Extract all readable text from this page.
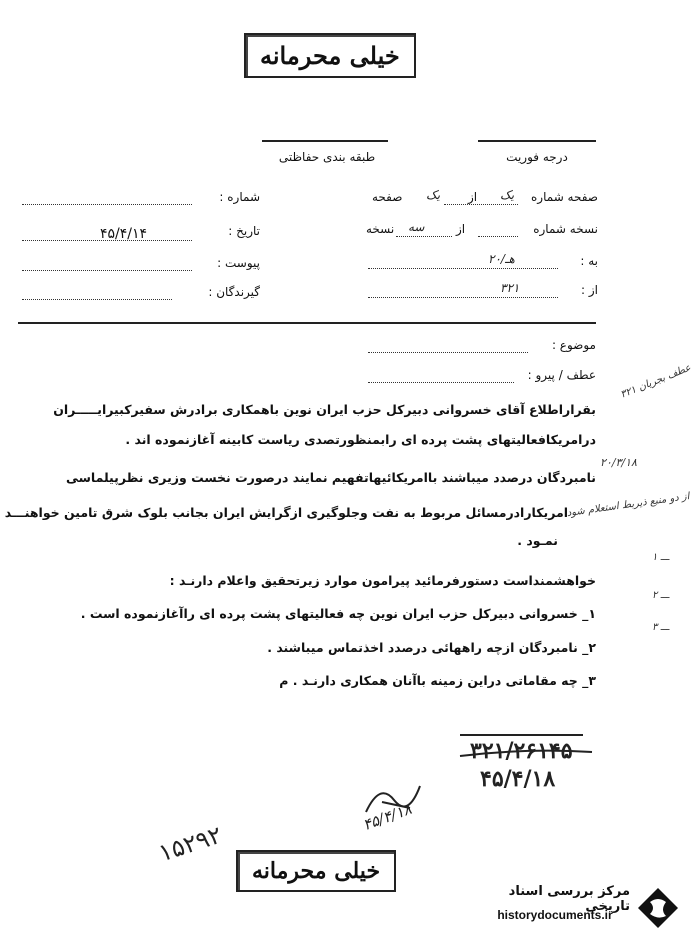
خیلی محرمانه
طبقه بندی حفاظتی	درجه فوریت
صفحه شماره
یک
از
یک
صفحه
نسخه شماره
از
سه
نسخه
به :
۲۰/هـ
از :
۳۲۱
شماره :
تاریخ :
۴۵/۴/۱۴
پیوست :
گیرندگان :
موضوع :
عطف / پیرو :
بقراراطلاع آقای خسروانی دبیرکل حزب ایران نوین باهمکاری برادرش سفیرکبیرایـــــران
درامریکافعالیتهای پشت پرده ای رابمنظورتصدی ریاست کابینه آغازنموده اند .
نامبردگان درصدد میباشند باامریکائیهاتفهیم نمایند درصورت نخست وزیری نظرپیلماسی
امریکارادرمسائل مربوط به نفت وجلوگیری ازگرایش ایران بجانب بلوک شرق تامین خواهنـــد
نمـود .
خواهشمنداست دستورفرمائید پیرامون موارد زیرتحقیق واعلام دارنـد :
۱_ خسروانی دبیرکل حزب ایران نوین چه فعالیتهای پشت پرده ای راآغازنموده است .
۲_ نامبردگان ازچه راههائی درصدد اخذتماس میباشند .
۳_ چه مقاماتی دراین زمینه باآنان همکاری دارنـد . م
عطف بجریان ۳۲۱
۲۰/۳/۱۸
از دو منبع ذیربط استعلام شود
۱ ـــ
۲ ـــ
۳ ـــ
۳۲۱/۲۶۱۴۵
۴۵/۴/۱۸
۴۵/۴/۱۸
۱۵۲۹۲
خیلی محرمانه
مرکز بررسی اسناد تاریخی
historydocuments.ir
